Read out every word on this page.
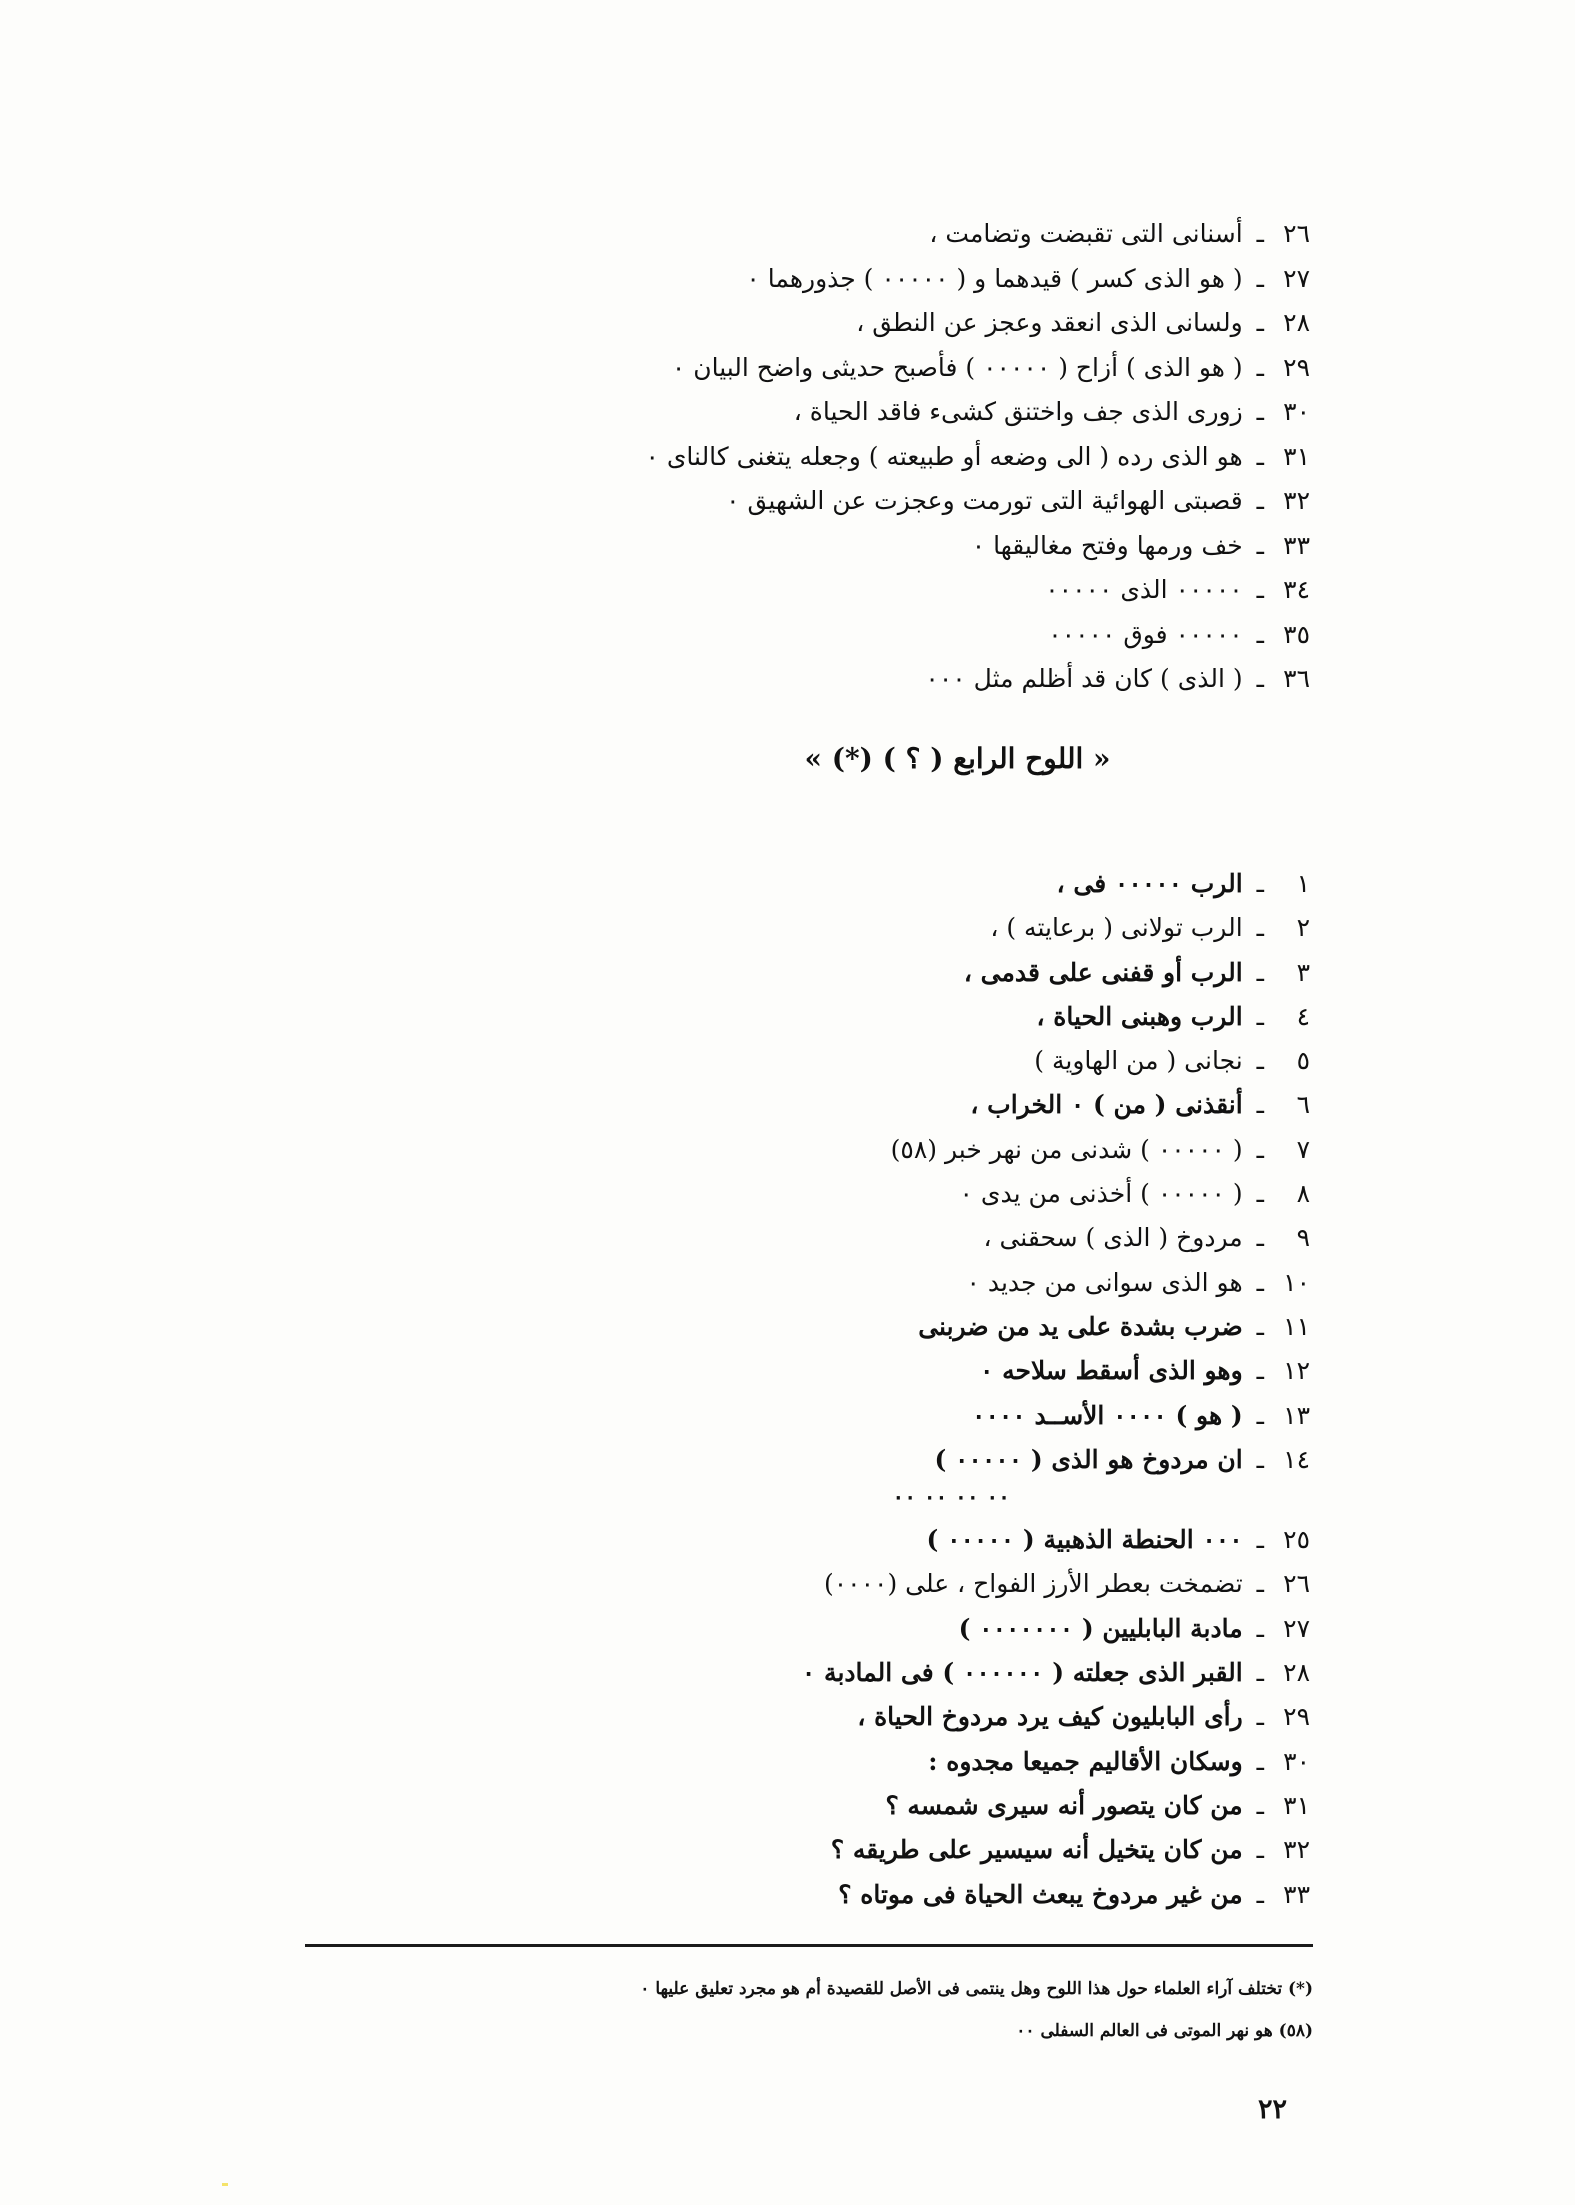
٢٦
ـ
أسنانى التى تقبضت وتضامت ،
٢٧
ـ
( هو الذى كسر ) قيدهما و ( ٠٠٠٠٠ ) جذورهما ٠
٢٨
ـ
ولسانى الذى انعقد وعجز عن النطق ،
٢٩
ـ
( هو الذى ) أزاح ( ٠٠٠٠٠ ) فأصبح حديثى واضح البيان ٠
٣٠
ـ
زورى الذى جف واختنق كشىء فاقد الحياة ،
٣١
ـ
هو الذى رده ( الى وضعه أو طبيعته ) وجعله يتغنى كالناى ٠
٣٢
ـ
قصبتى الهوائية التى تورمت وعجزت عن الشهيق ٠
٣٣
ـ
خف ورمها وفتح مغاليقها ٠
٣٤
ـ
٠٠٠٠٠ الذى ٠٠٠٠٠
٣٥
ـ
٠٠٠٠٠ فوق ٠٠٠٠٠
٣٦
ـ
( الذى ) كان قد أظلم مثل ٠٠٠
« اللوح الرابع ( ؟ ) (*) »
١
ـ
الرب ٠٠٠٠٠ فى ،
٢
ـ
الرب تولانى ( برعايته ) ،
٣
ـ
الرب أو قفنى على قدمى ،
٤
ـ
الرب وهبنى الحياة ،
٥
ـ
نجانى ( من الهاوية )
٦
ـ
أنقذنى ( من ) ٠ الخراب ،
٧
ـ
( ٠٠٠٠٠ ) شدنى من نهر خبر (٥٨)
٨
ـ
( ٠٠٠٠٠ ) أخذنى من يدى ٠
٩
ـ
مردوخ ( الذى ) سحقنى ،
١٠
ـ
هو الذى سوانى من جديد ٠
١١
ـ
ضرب بشدة على يد من ضربنى
١٢
ـ
وهو الذى أسقط سلاحه ٠
١٣
ـ
( هو ) ٠٠٠٠ الأســد ٠٠٠٠
١٤
ـ
ان مردوخ هو الذى ( ٠٠٠٠٠ )
٠٠ ٠٠ ٠٠ ٠٠
٢٥
ـ
٠٠٠ الحنطة الذهبية ( ٠٠٠٠٠ )
٢٦
ـ
تضمخت بعطر الأرز الفواح ، على (٠٠٠٠)
٢٧
ـ
مادبة البابليين ( ٠٠٠٠٠٠٠ )
٢٨
ـ
القبر الذى جعلته ( ٠٠٠٠٠٠ ) فى المادبة ٠
٢٩
ـ
رأى البابليون كيف يرد مردوخ الحياة ،
٣٠
ـ
وسكان الأقاليم جميعا مجدوه :
٣١
ـ
من كان يتصور أنه سيرى شمسه ؟
٣٢
ـ
من كان يتخيل أنه سيسير على طريقه ؟
٣٣
ـ
من غير مردوخ يبعث الحياة فى موتاه ؟
(*) تختلف آراء العلماء حول هذا اللوح وهل ينتمى فى الأصل للقصيدة أم هو مجرد تعليق عليها ٠
(٥٨) هو نهر الموتى فى العالم السفلى ٠٠
٢٢
